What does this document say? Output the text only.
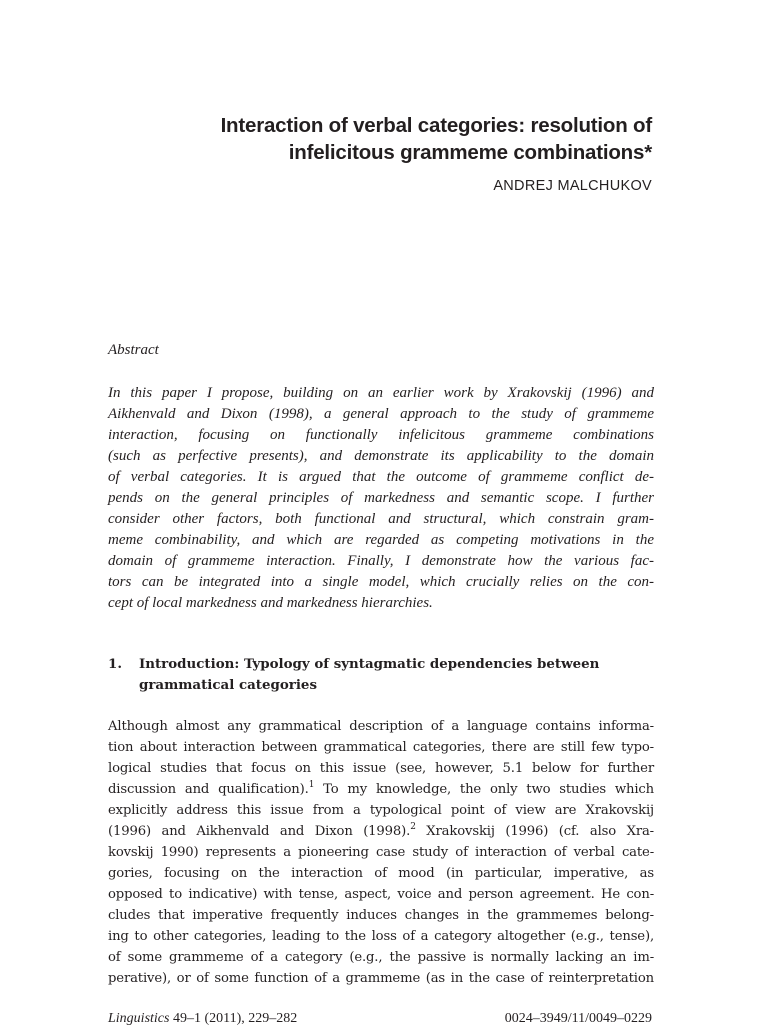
Interaction of verbal categories: resolution of
infelicitous grammeme combinations*
ANDREJ MALCHUKOV
Abstract
In this paper I propose, building on an earlier work by Xrakovskij (1996) and
Aikhenvald and Dixon (1998), a general approach to the study of grammeme
interaction, focusing on functionally infelicitous grammeme combinations
(such as perfective presents), and demonstrate its applicability to the domain
of verbal categories. It is argued that the outcome of grammeme conflict de-
pends on the general principles of markedness and semantic scope. I further
consider other factors, both functional and structural, which constrain gram-
meme combinability, and which are regarded as competing motivations in the
domain of grammeme interaction. Finally, I demonstrate how the various fac-
tors can be integrated into a single model, which crucially relies on the con-
cept of local markedness and markedness hierarchies.
1. Introduction: Typology of syntagmatic dependencies between
grammatical categories
Although almost any grammatical description of a language contains informa-
tion about interaction between grammatical categories, there are still few typo-
logical studies that focus on this issue (see, however, 5.1 below for further
discussion and qualification).$^1$ To my knowledge, the only two studies which
explicitly address this issue from a typological point of view are Xrakovskij
(1996) and Aikhenvald and Dixon (1998).$^2$ Xrakovskij (1996) (cf. also Xra-
kovskij 1990) represents a pioneering case study of interaction of verbal cate-
gories, focusing on the interaction of mood (in particular, imperative, as
opposed to indicative) with tense, aspect, voice and person agreement. He con-
cludes that imperative frequently induces changes in the grammemes belong-
ing to other categories, leading to the loss of a category altogether (e.g., tense),
of some grammeme of a category (e.g., the passive is normally lacking an im-
perative), or of some function of a grammeme (as in the case of reinterpretation
Linguistics 49–1 (2011), 229–282	0024–3949/11/0049–0229
